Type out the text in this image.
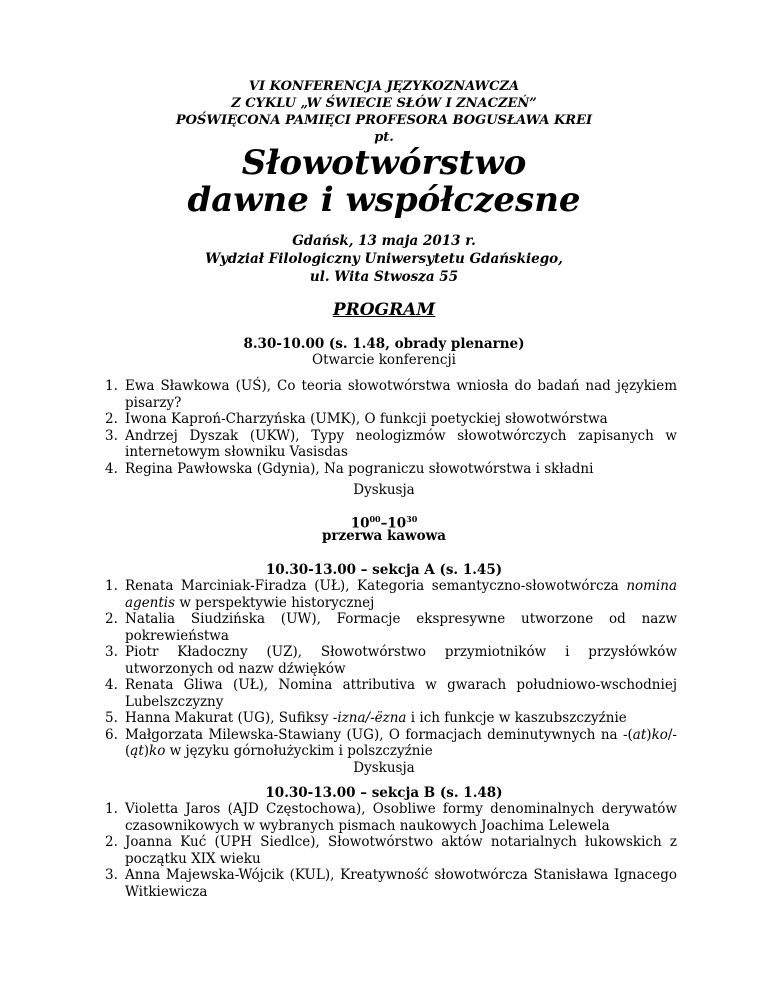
VI KONFERENCJA JĘZYKOZNAWCZA
Z CYKLU „W ŚWIECIE SŁÓW I ZNACZEŃ”
POŚWIĘCONA PAMIĘCI PROFESORA BOGUSŁAWA KREI
pt.
Słowotwórstwo
dawne i współczesne
Gdańsk, 13 maja 2013 r.
Wydział Filologiczny Uniwersytetu Gdańskiego,
ul. Wita Stwosza 55
PROGRAM
8.30-10.00 (s. 1.48, obrady plenarne)
Otwarcie konferencji
1. Ewa Sławkowa (UŚ), Co teoria słowotwórstwa wniosła do badań nad językiem pisarzy?
2. Iwona Kaproń-Charzyńska (UMK), O funkcji poetyckiej słowotwórstwa
3. Andrzej Dyszak (UKW), Typy neologizmów słowotwórczych zapisanych w internetowym słowniku Vasisdas
4. Regina Pawłowska (Gdynia), Na pograniczu słowotwórstwa i składni
Dyskusja
$10^{00}-10^{30}$
przerwa kawowa
10.30-13.00 – sekcja A (s. 1.45)
1. Renata Marciniak-Firadza (UŁ), Kategoria semantyczno-słowotwórcza nomina agentis w perspektywie historycznej
2. Natalia Siudzińska (UW), Formacje ekspresywne utworzone od nazw pokrewieństwa
3. Piotr Kładoczny (UZ), Słowotwórstwo przymiotników i przysłówków utworzonych od nazw dźwięków
4. Renata Gliwa (UŁ), Nomina attributiva w gwarach południowo-wschodniej Lubelszczyzny
5. Hanna Makurat (UG), Sufiksy -izna/-ëzna i ich funkcje w kaszubszczyźnie
6. Małgorzata Milewska-Stawiany (UG), O formacjach deminutywnych na -(at)ko/-(ąt)ko w języku górnołużyckim i polszczyźnie
Dyskusja
10.30-13.00 – sekcja B (s. 1.48)
1. Violetta Jaros (AJD Częstochowa), Osobliwe formy denominalnych derywatów czasownikowych w wybranych pismach naukowych Joachima Lelewela
2. Joanna Kuć (UPH Siedlce), Słowotwórstwo aktów notarialnych łukowskich z początku XIX wieku
3. Anna Majewska-Wójcik (KUL), Kreatywność słowotwórcza Stanisława Ignacego Witkiewicza
